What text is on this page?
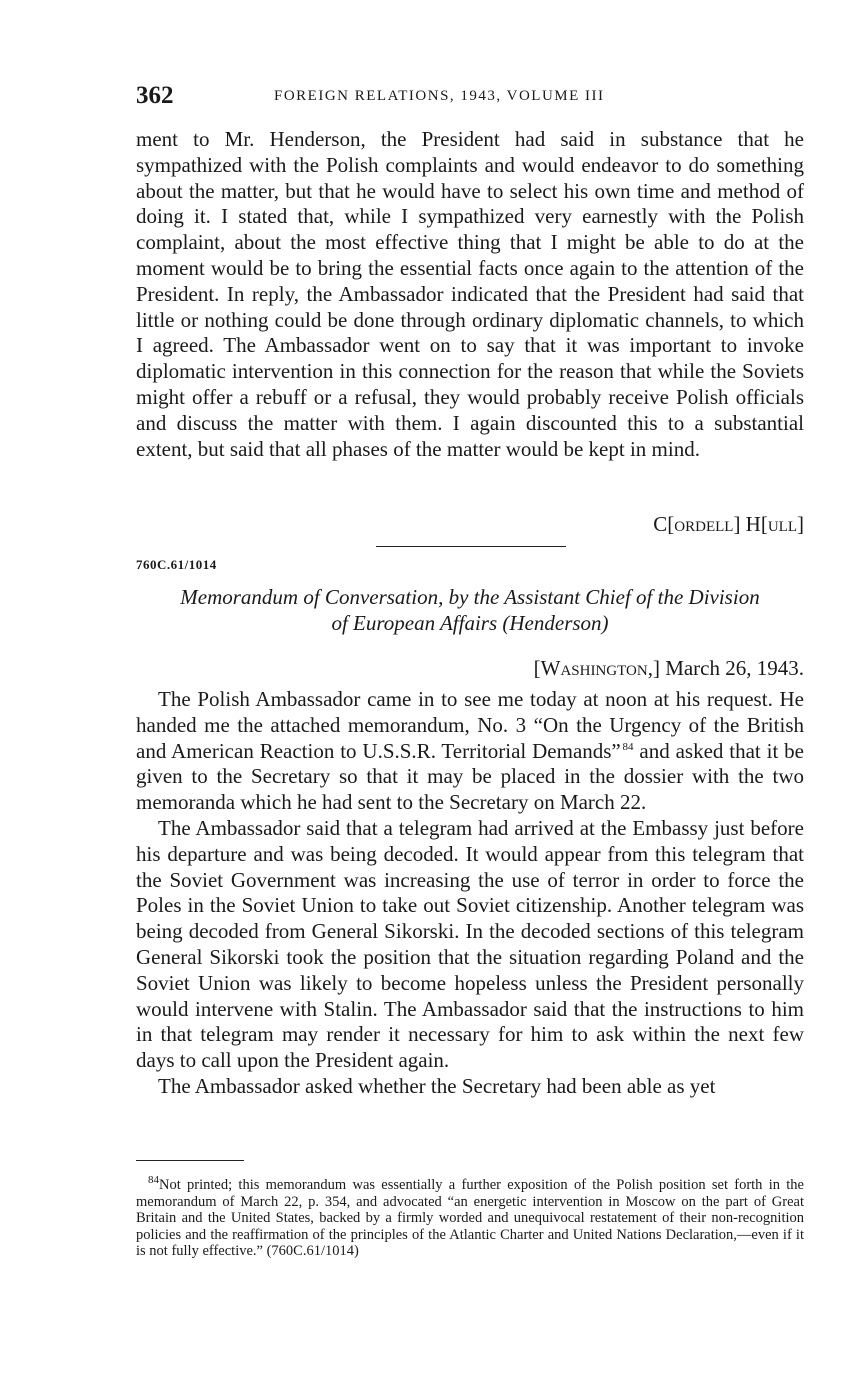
362	FOREIGN RELATIONS, 1943, VOLUME III

ment to Mr. Henderson, the President had said in substance that he sympathized with the Polish complaints and would endeavor to do something about the matter, but that he would have to select his own time and method of doing it. I stated that, while I sympathized very earnestly with the Polish complaint, about the most effective thing that I might be able to do at the moment would be to bring the essential facts once again to the attention of the President. In reply, the Ambassador indicated that the President had said that little or nothing could be done through ordinary diplomatic channels, to which I agreed. The Ambassador went on to say that it was important to invoke diplomatic intervention in this connection for the reason that while the Soviets might offer a rebuff or a refusal, they would probably receive Polish officials and discuss the matter with them. I again discounted this to a substantial extent, but said that all phases of the matter would be kept in mind.

C[ordell] H[ull]
760C.61/1014
Memorandum of Conversation, by the Assistant Chief of the Division
of European Affairs (Henderson)
[Washington,] March 26, 1943.

The Polish Ambassador came in to see me today at noon at his request. He handed me the attached memorandum, No. 3 “On the Urgency of the British and American Reaction to U.S.S.R. Territorial Demands”  $^{84}$ and asked that it be given to the Secretary so that it may be placed in the dossier with the two memoranda which he had sent to the Secretary on March 22.

The Ambassador said that a telegram had arrived at the Embassy just before his departure and was being decoded. It would appear from this telegram that the Soviet Government was increasing the use of terror in order to force the Poles in the Soviet Union to take out Soviet citizenship. Another telegram was being decoded from General Sikorski. In the decoded sections of this telegram General Sikorski took the position that the situation regarding Poland and the Soviet Union was likely to become hopeless unless the President personally would intervene with Stalin. The Ambassador said that the instructions to him in that telegram may render it necessary for him to ask within the next few days to call upon the President again.

The Ambassador asked whether the Secretary had been able as yet

$^{84}$Not printed; this memorandum was essentially a further exposition of the Polish position set forth in the memorandum of March 22, p. 354, and advocated “an energetic intervention in Moscow on the part of Great Britain and the United States, backed by a firmly worded and unequivocal restatement of their non-recognition policies and the reaffirmation of the principles of the Atlantic Charter and United Nations Declaration,—even if it is not fully effective.” (760C.61/1014)
